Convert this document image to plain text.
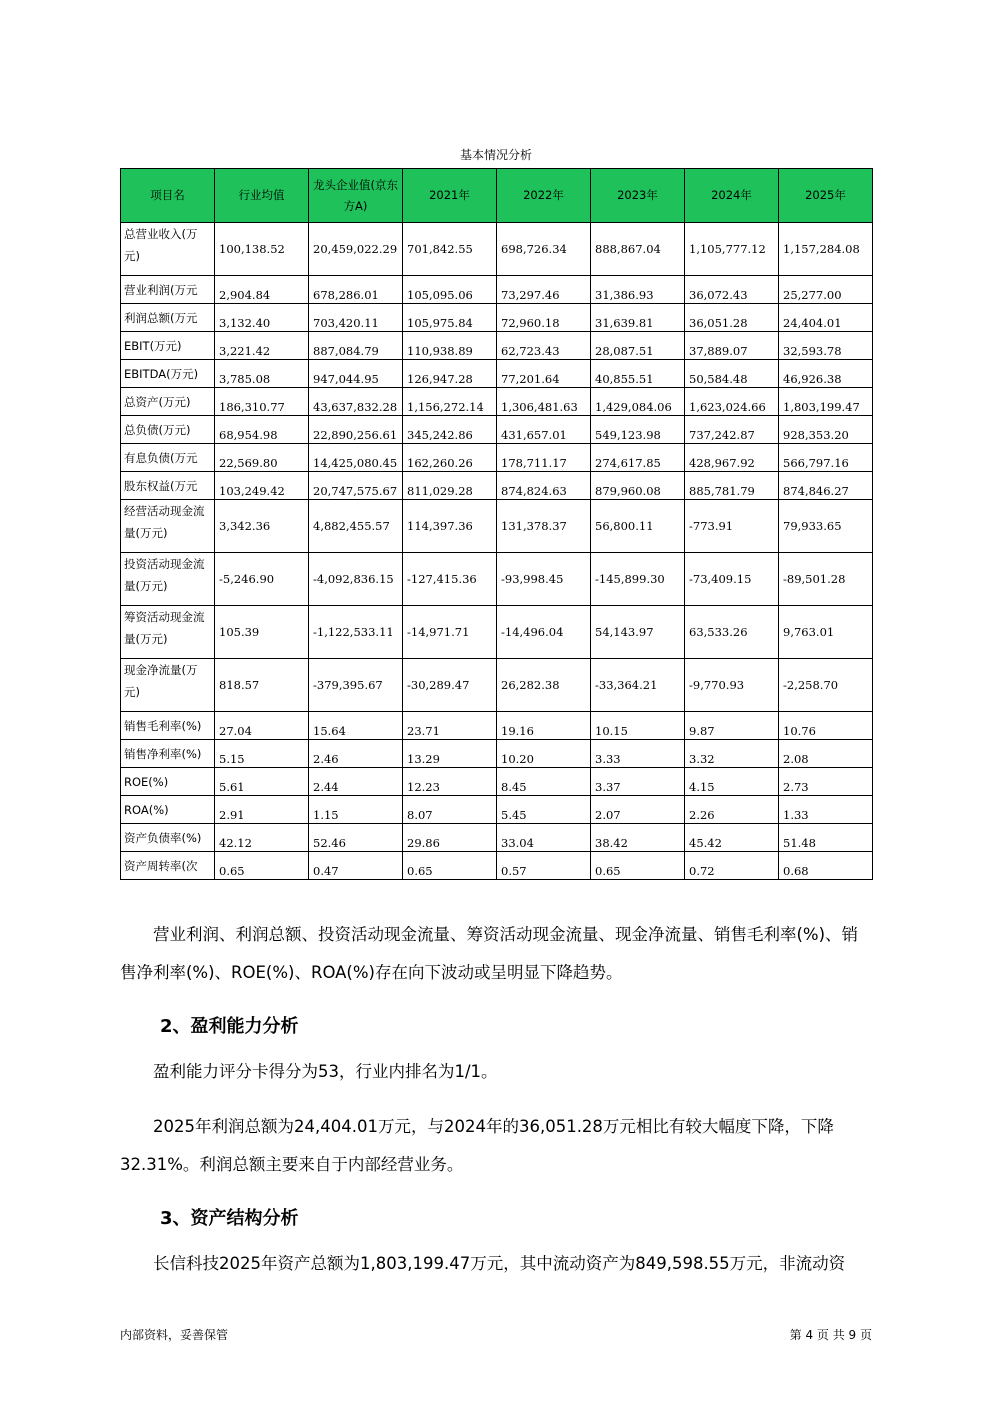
基本情况分析
项目名	行业均值	龙头企业值(京东方A)	2021年	2022年	2023年	2024年	2025年
总营业收入(万元)	100,138.52	20,459,022.29	701,842.55	698,726.34	888,867.04	1,105,777.12	1,157,284.08
营业利润(万元	2,904.84	678,286.01	105,095.06	73,297.46	31,386.93	36,072.43	25,277.00
利润总额(万元	3,132.40	703,420.11	105,975.84	72,960.18	31,639.81	36,051.28	24,404.01
EBIT(万元)	3,221.42	887,084.79	110,938.89	62,723.43	28,087.51	37,889.07	32,593.78
EBITDA(万元)	3,785.08	947,044.95	126,947.28	77,201.64	40,855.51	50,584.48	46,926.38
总资产(万元)	186,310.77	43,637,832.28	1,156,272.14	1,306,481.63	1,429,084.06	1,623,024.66	1,803,199.47
总负债(万元)	68,954.98	22,890,256.61	345,242.86	431,657.01	549,123.98	737,242.87	928,353.20
有息负债(万元	22,569.80	14,425,080.45	162,260.26	178,711.17	274,617.85	428,967.92	566,797.16
股东权益(万元	103,249.42	20,747,575.67	811,029.28	874,824.63	879,960.08	885,781.79	874,846.27
经营活动现金流量(万元)	3,342.36	4,882,455.57	114,397.36	131,378.37	56,800.11	-773.91	79,933.65
投资活动现金流量(万元)	-5,246.90	-4,092,836.15	-127,415.36	-93,998.45	-145,899.30	-73,409.15	-89,501.28
筹资活动现金流量(万元)	105.39	-1,122,533.11	-14,971.71	-14,496.04	54,143.97	63,533.26	9,763.01
现金净流量(万元)	818.57	-379,395.67	-30,289.47	26,282.38	-33,364.21	-9,770.93	-2,258.70
销售毛利率(%)	27.04	15.64	23.71	19.16	10.15	9.87	10.76
销售净利率(%)	5.15	2.46	13.29	10.20	3.33	3.32	2.08
ROE(%)	5.61	2.44	12.23	8.45	3.37	4.15	2.73
ROA(%)	2.91	1.15	8.07	5.45	2.07	2.26	1.33
资产负债率(%)	42.12	52.46	29.86	33.04	38.42	45.42	51.48
资产周转率(次	0.65	0.47	0.65	0.57	0.65	0.72	0.68
营业利润、利润总额、投资活动现金流量、筹资活动现金流量、现金净流量、销售毛利率(%)、销售净利率(%)、ROE(%)、ROA(%)存在向下波动或呈明显下降趋势。
2、盈利能力分析
盈利能力评分卡得分为53，行业内排名为1/1。
2025年利润总额为24,404.01万元，与2024年的36,051.28万元相比有较大幅度下降，下降32.31%。利润总额主要来自于内部经营业务。
3、资产结构分析
长信科技2025年资产总额为1,803,199.47万元，其中流动资产为849,598.55万元，非流动资
内部资料，妥善保管	第 4 页 共 9 页
